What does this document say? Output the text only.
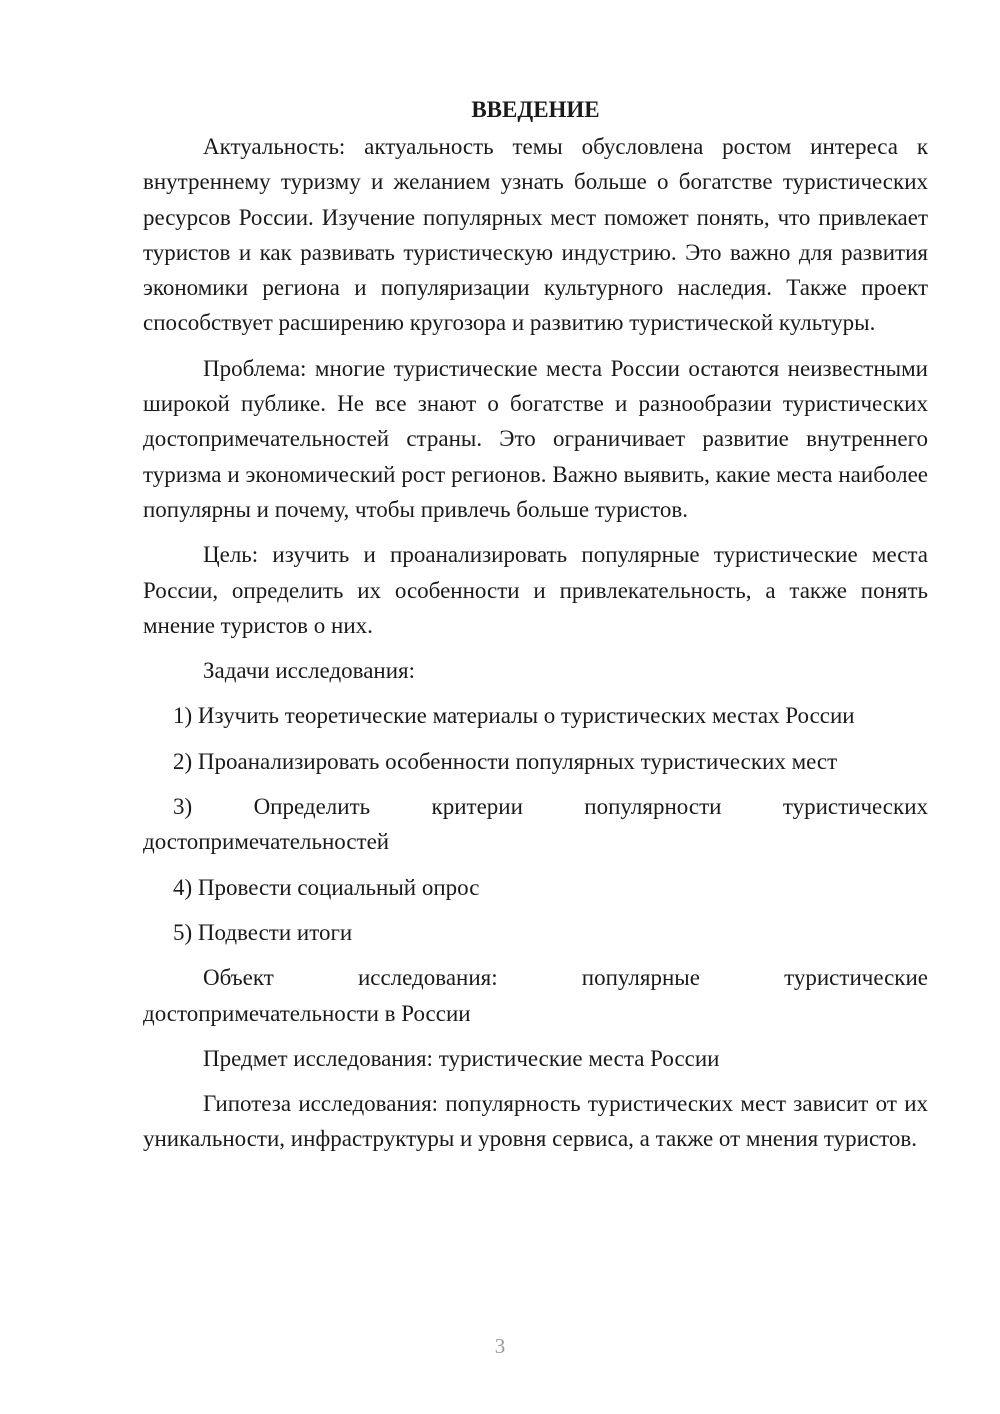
ВВЕДЕНИЕ

Актуальность: актуальность темы обусловлена ростом интереса к внутреннему туризму и желанием узнать больше о богатстве туристических ресурсов России. Изучение популярных мест поможет понять, что привлекает туристов и как развивать туристическую индустрию. Это важно для развития экономики региона и популяризации культурного наследия. Также проект способствует расширению кругозора и развитию туристической культуры.

Проблема: многие туристические места России остаются неизвестными широкой публике. Не все знают о богатстве и разнообразии туристических достопримечательностей страны. Это ограничивает развитие внутреннего туризма и экономический рост регионов. Важно выявить, какие места наиболее популярны и почему, чтобы привлечь больше туристов.

Цель: изучить и проанализировать популярные туристические места России, определить их особенности и привлекательность, а также понять мнение туристов о них.

Задачи исследования:

1) Изучить теоретические материалы о туристических местах России

2) Проанализировать особенности популярных туристических мест

3) Определить критерии популярности туристических достопримечательностей

4) Провести социальный опрос

5) Подвести итоги

Объект исследования: популярные туристические достопримечательности в России

Предмет исследования: туристические места России

Гипотеза исследования: популярность туристических мест зависит от их уникальности, инфраструктуры и уровня сервиса, а также от мнения туристов.

3
